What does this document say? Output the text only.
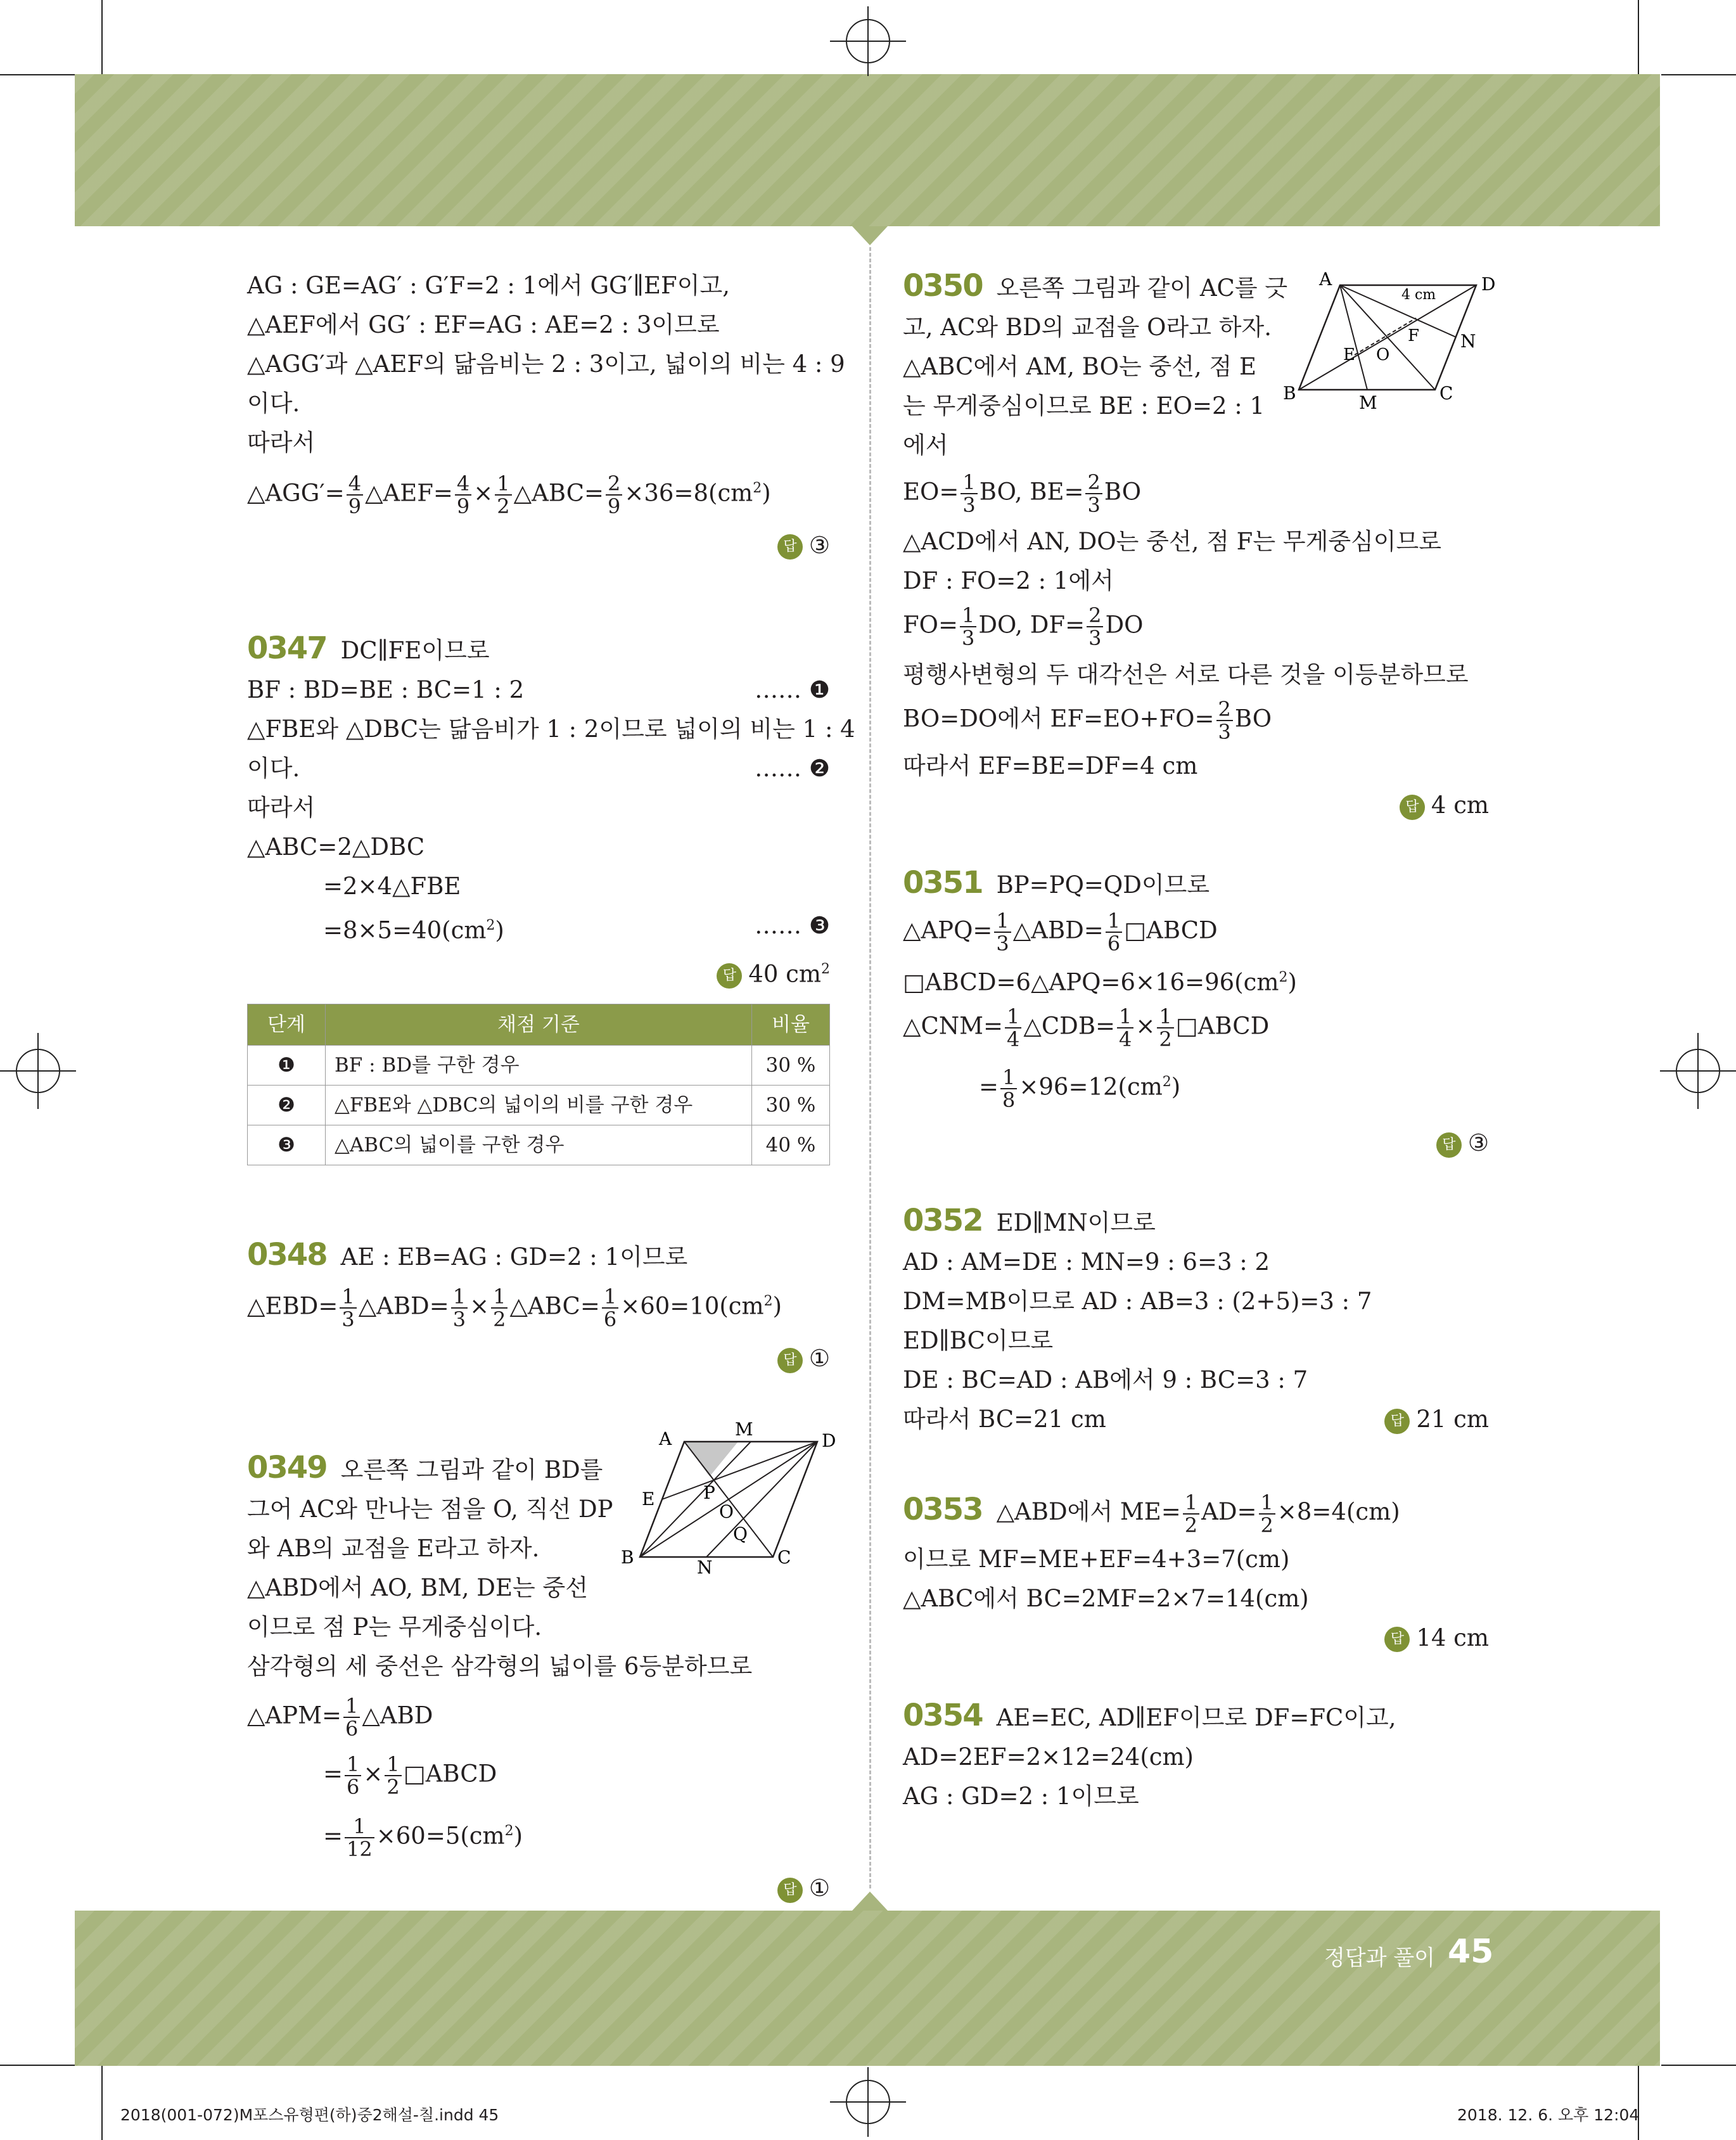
AG : GE=AG′ : G′F=2 : 1에서 GG′∥EF이고,
△AEF에서 GG′ : EF=AG : AE=2 : 3이므로
△AGG′과 △AEF의 닮음비는 2 : 3이고, 넓이의 비는 4 : 9
이다.
따라서
△AGG′= $\frac{4}{9}$ △AEF= $\frac{4}{9} \times \frac{1}{2}$ △ABC= $\frac{2}{9} \times 36=8(cm^2)$
답 ③
0347 DC∥FE이므로
BF : BD=BE : BC=1 : 2	…… ❶
△FBE와 △DBC는 닮음비가 1 : 2이므로 넓이의 비는 1 : 4
이다.	…… ❷
따라서
△ABC=2△DBC
=2×4△FBE
$=8\times 5=40(cm^2)$	…… ❸
답 40 $cm^2$
단계	채점 기준	비율
❶	BF : BD를 구한 경우	30 %
❷	△FBE와 △DBC의 넓이의 비를 구한 경우	30 %
❸	△ABC의 넓이를 구한 경우	40 %
0348 AE : EB=AG : GD=2 : 1이므로
△EBD= $\frac{1}{3}$ △ABD= $\frac{1}{3} \times \frac{1}{2}$ △ABC= $\frac{1}{6} \times 60=10(cm^2)$
답 ①
0349 오른쪽 그림과 같이 BD를
그어 AC와 만나는 점을 O, 직선 DP
와 AB의 교점을 E라고 하자.
△ABD에서 AO, BM, DE는 중선
이므로 점 P는 무게중심이다.
삼각형의 세 중선은 삼각형의 넓이를 6등분하므로
△APM= $\frac{1}{6}$ △ABD
= $\frac{1}{6} \times \frac{1}{2}$ □ABCD
= $\frac{1}{12} \times 60=5(cm^2)$
답 ①
A	M
D
E	P
O
Q
B	N	C
0350 오른쪽 그림과 같이 AC를 긋
고, AC와 BD의 교점을 O라고 하자.
△ABC에서 AM, BO는 중선, 점 E
는 무게중심이므로 BE : EO=2 : 1
에서
$EO= \frac{1}{3}$ BO, $BE= \frac{2}{3}$ BO
△ACD에서 AN, DO는 중선, 점 F는 무게중심이므로
DF : FO=2 : 1에서
$FO= \frac{1}{3}$ DO, $DF= \frac{2}{3}$ DO
평행사변형의 두 대각선은 서로 다른 것을 이등분하므로
BO=DO에서 $EF=EO+FO= \frac{2}{3}$ BO
따라서 EF=BE=DF=4 cm
답 4 cm
0351 BP=PQ=QD이므로
△APQ= $\frac{1}{3}$ △ABD= $\frac{1}{6}$ □ABCD
$□ABCD=6\triangle APQ=6\times 16=96(cm^2)$
△CNM= $\frac{1}{4}$ △CDB= $\frac{1}{4} \times \frac{1}{2}$ □ABCD
= $\frac{1}{8} \times 96=12(cm^2)$
답 ③
0352 ED∥MN이므로
AD : AM=DE : MN=9 : 6=3 : 2
DM=MB이므로 AD : AB=3 : (2+5)=3 : 7
ED∥BC이므로
DE : BC=AD : AB에서 9 : BC=3 : 7
따라서 BC=21 cm	답 21 cm
0353 △ABD에서 $ME= \frac{1}{2} AD= \frac{1}{2} \times 8=4(cm)$
이므로 MF=ME+EF=4+3=7(cm)
△ABC에서 BC=2MF=2×7=14(cm)
답 14 cm
0354 AE=EC, AD∥EF이므로 DF=FC이고,
AD=2EF=2×12=24(cm)
AG : GD=2 : 1이므로
A	D
4 cm
F N
E O
B	M	C
정답과 풀이 45
2018(001-072)M포스유형편(하)중2해설-칠.indd 45	2018. 12. 6. 오후 12:04
